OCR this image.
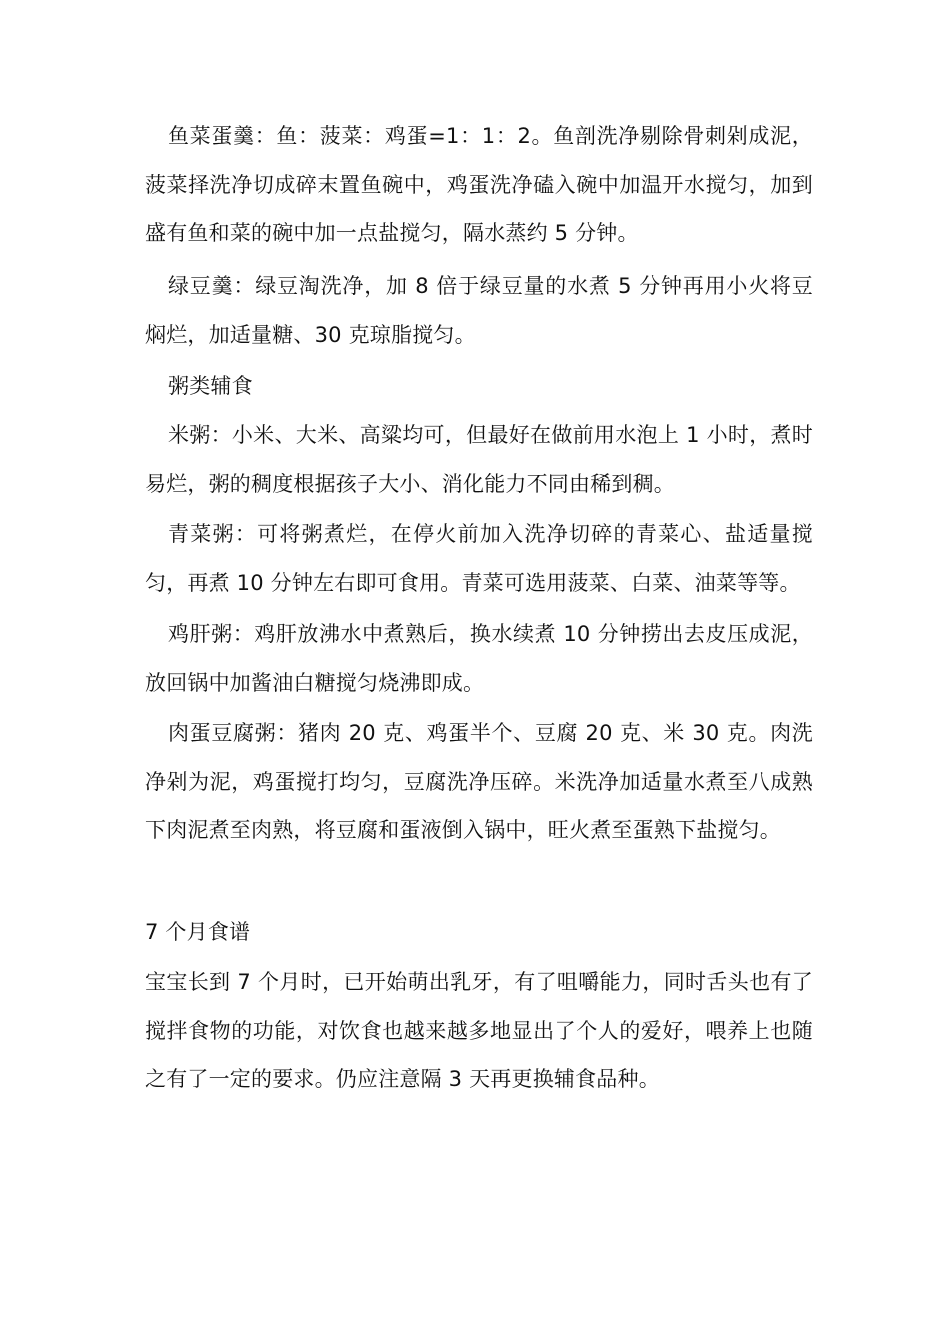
鱼菜蛋羹：鱼：菠菜：鸡蛋=1：1：2。鱼剖洗净剔除骨刺剁成泥，菠菜择洗净切成碎末置鱼碗中，鸡蛋洗净磕入碗中加温开水搅匀，加到盛有鱼和菜的碗中加一点盐搅匀，隔水蒸约 5 分钟。

绿豆羹：绿豆淘洗净，加 8 倍于绿豆量的水煮 5 分钟再用小火将豆焖烂，加适量糖、30 克琼脂搅匀。

粥类辅食

米粥：小米、大米、高粱均可，但最好在做前用水泡上 1 小时，煮时易烂，粥的稠度根据孩子大小、消化能力不同由稀到稠。

青菜粥：可将粥煮烂，在停火前加入洗净切碎的青菜心、盐适量搅匀，再煮 10 分钟左右即可食用。青菜可选用菠菜、白菜、油菜等等。

鸡肝粥：鸡肝放沸水中煮熟后，换水续煮 10 分钟捞出去皮压成泥，放回锅中加酱油白糖搅匀烧沸即成。

肉蛋豆腐粥：猪肉 20 克、鸡蛋半个、豆腐 20 克、米 30 克。肉洗净剁为泥，鸡蛋搅打均匀，豆腐洗净压碎。米洗净加适量水煮至八成熟下肉泥煮至肉熟，将豆腐和蛋液倒入锅中，旺火煮至蛋熟下盐搅匀。

7 个月食谱

宝宝长到 7 个月时，已开始萌出乳牙，有了咀嚼能力，同时舌头也有了搅拌食物的功能，对饮食也越来越多地显出了个人的爱好，喂养上也随之有了一定的要求。仍应注意隔 3 天再更换辅食品种。
